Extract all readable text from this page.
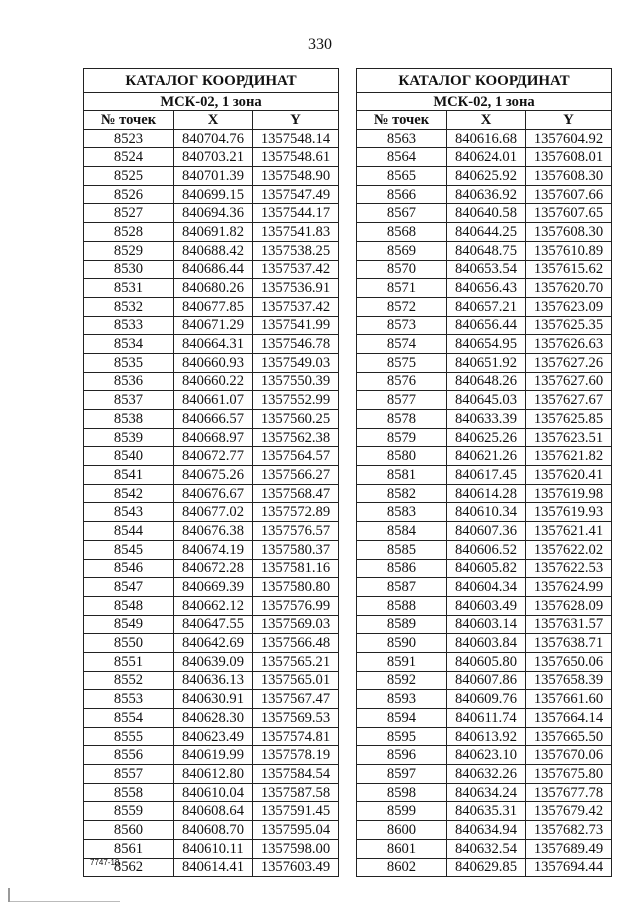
330
КАТАЛОГ КООРДИНАТ		
МСК-02, 1 зона		
№ точек	X	Y
8523	840704.76	1357548.14
8524	840703.21	1357548.61
8525	840701.39	1357548.90
8526	840699.15	1357547.49
8527	840694.36	1357544.17
8528	840691.82	1357541.83
8529	840688.42	1357538.25
8530	840686.44	1357537.42
8531	840680.26	1357536.91
8532	840677.85	1357537.42
8533	840671.29	1357541.99
8534	840664.31	1357546.78
8535	840660.93	1357549.03
8536	840660.22	1357550.39
8537	840661.07	1357552.99
8538	840666.57	1357560.25
8539	840668.97	1357562.38
8540	840672.77	1357564.57
8541	840675.26	1357566.27
8542	840676.67	1357568.47
8543	840677.02	1357572.89
8544	840676.38	1357576.57
8545	840674.19	1357580.37
8546	840672.28	1357581.16
8547	840669.39	1357580.80
8548	840662.12	1357576.99
8549	840647.55	1357569.03
8550	840642.69	1357566.48
8551	840639.09	1357565.21
8552	840636.13	1357565.01
8553	840630.91	1357567.47
8554	840628.30	1357569.53
8555	840623.49	1357574.81
8556	840619.99	1357578.19
8557	840612.80	1357584.54
8558	840610.04	1357587.58
8559	840608.64	1357591.45
8560	840608.70	1357595.04
8561	840610.11	1357598.00
8562	840614.41	1357603.49
КАТАЛОГ КООРДИНАТ		
МСК-02, 1 зона		
№ точек	X	Y
8563	840616.68	1357604.92
8564	840624.01	1357608.01
8565	840625.92	1357608.30
8566	840636.92	1357607.66
8567	840640.58	1357607.65
8568	840644.25	1357608.30
8569	840648.75	1357610.89
8570	840653.54	1357615.62
8571	840656.43	1357620.70
8572	840657.21	1357623.09
8573	840656.44	1357625.35
8574	840654.95	1357626.63
8575	840651.92	1357627.26
8576	840648.26	1357627.60
8577	840645.03	1357627.67
8578	840633.39	1357625.85
8579	840625.26	1357623.51
8580	840621.26	1357621.82
8581	840617.45	1357620.41
8582	840614.28	1357619.98
8583	840610.34	1357619.93
8584	840607.36	1357621.41
8585	840606.52	1357622.02
8586	840605.82	1357622.53
8587	840604.34	1357624.99
8588	840603.49	1357628.09
8589	840603.14	1357631.57
8590	840603.84	1357638.71
8591	840605.80	1357650.06
8592	840607.86	1357658.39
8593	840609.76	1357661.60
8594	840611.74	1357664.14
8595	840613.92	1357665.50
8596	840623.10	1357670.06
8597	840632.26	1357675.80
8598	840634.24	1357677.78
8599	840635.31	1357679.42
8600	840634.94	1357682.73
8601	840632.54	1357689.49
8602	840629.85	1357694.44
7747-18
